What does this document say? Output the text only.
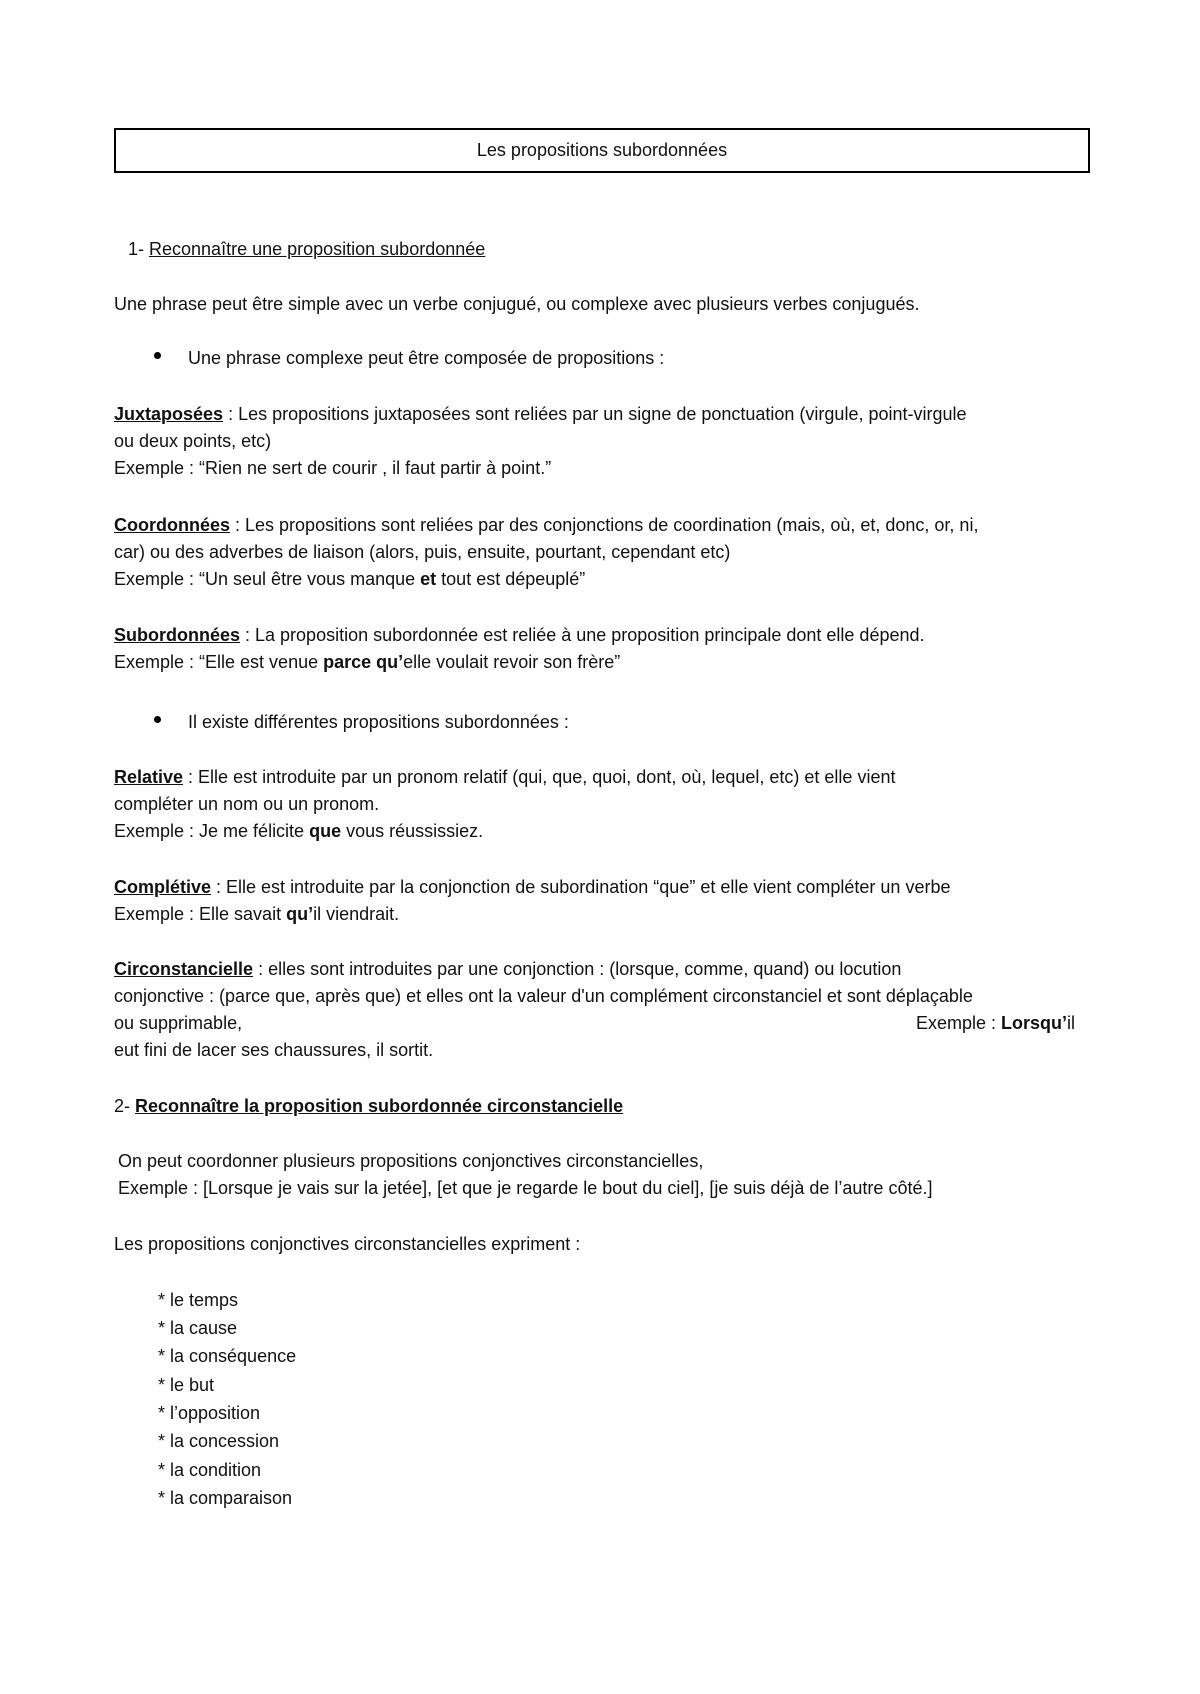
Les propositions subordonnées
1- Reconnaître une proposition subordonnée
Une phrase peut être simple avec un verbe conjugué, ou complexe avec plusieurs verbes conjugués.
Une phrase complexe peut être composée de propositions :
Juxtaposées : Les propositions juxtaposées sont reliées par un signe de ponctuation (virgule, point-virgule
ou deux points, etc)
Exemple : “Rien ne sert de courir , il faut partir à point.”
Coordonnées : Les propositions sont reliées par des conjonctions de coordination (mais, où, et, donc, or, ni,
car) ou des adverbes de liaison (alors, puis, ensuite, pourtant, cependant etc)
Exemple : “Un seul être vous manque et tout est dépeuplé”
Subordonnées : La proposition subordonnée est reliée à une proposition principale dont elle dépend.
Exemple : “Elle est venue parce qu’elle voulait revoir son frère”
Il existe différentes propositions subordonnées :
Relative : Elle est introduite par un pronom relatif (qui, que, quoi, dont, où, lequel, etc) et elle vient
compléter un nom ou un pronom.
Exemple : Je me félicite que vous réussissiez.
Complétive : Elle est introduite par la conjonction de subordination “que” et elle vient compléter un verbe
Exemple : Elle savait qu’il viendrait.
Circonstancielle : elles sont introduites par une conjonction : (lorsque, comme, quand) ou locution
conjonctive : (parce que, après que) et elles ont la valeur d'un complément circonstanciel et sont déplaçable
ou supprimable,	Exemple : Lorsqu’il
eut fini de lacer ses chaussures, il sortit.
2- Reconnaître la proposition subordonnée circonstancielle
On peut coordonner plusieurs propositions conjonctives circonstancielles,
Exemple : [Lorsque je vais sur la jetée], [et que je regarde le bout du ciel], [je suis déjà de l’autre côté.]
Les propositions conjonctives circonstancielles expriment :
* le temps
* la cause
* la conséquence
* le but
* l’opposition
* la concession
* la condition
* la comparaison
